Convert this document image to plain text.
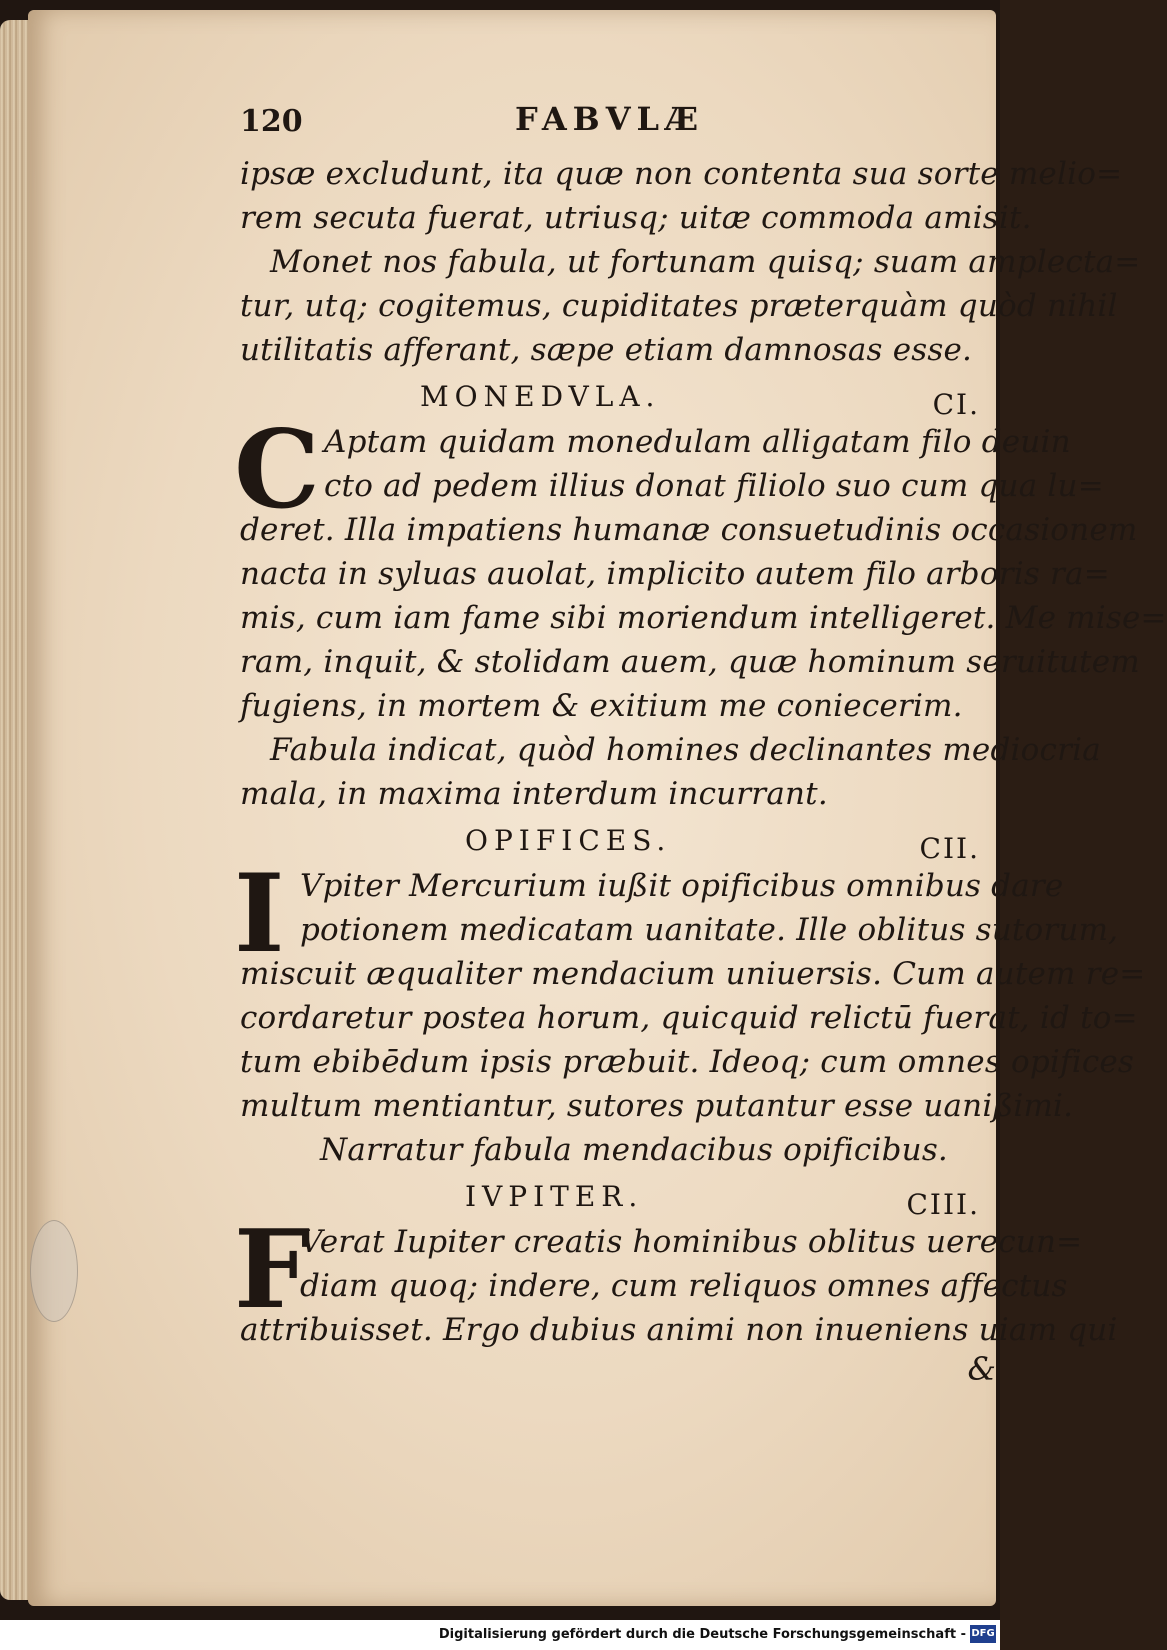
120	FABVLÆ
ipsæ excludunt, ita quæ non contenta sua sorte melio=
rem secuta fuerat, utriusq; uitæ commoda amisit.
Monet nos fabula, ut fortunam quisq; suam amplecta=
tur, utq; cogitemus, cupiditates præterquàm quòd nihil
utilitatis afferant, sæpe etiam damnosas esse.
MONEDVLA.	CI.
C Aptam quidam monedulam alligatam filo deuin
cto ad pedem illius donat filiolo suo cum qua lu=
deret. Illa impatiens humanæ consuetudinis occasionem
nacta in syluas auolat, implicito autem filo arboris ra=
mis, cum iam fame sibi moriendum intelligeret. Me mise=
ram, inquit, & stolidam auem, quæ hominum seruitutem
fugiens, in mortem & exitium me coniecerim.
Fabula indicat, quòd homines declinantes mediocria
mala, in maxima interdum incurrant.
OPIFICES.	CII.
I Vpiter Mercurium iußit opificibus omnibus dare
potionem medicatam uanitate. Ille oblitus sutorum,
miscuit æqualiter mendacium uniuersis. Cum autem re=
cordaretur postea horum, quicquid relictū fuerat, id to=
tum ebibēdum ipsis præbuit. Ideoq; cum omnes opifices
multum mentiantur, sutores putantur esse uanißimi.
Narratur fabula mendacibus opificibus.
IVPITER.	CIII.
F
Verat Iupiter creatis hominibus oblitus uerecun=
diam quoq; indere, cum reliquos omnes affectus
attribuisset. Ergo dubius animi non inueniens uiam qui
&
Digitalisierung gefördert durch die Deutsche Forschungsgemeinschaft - DFG
